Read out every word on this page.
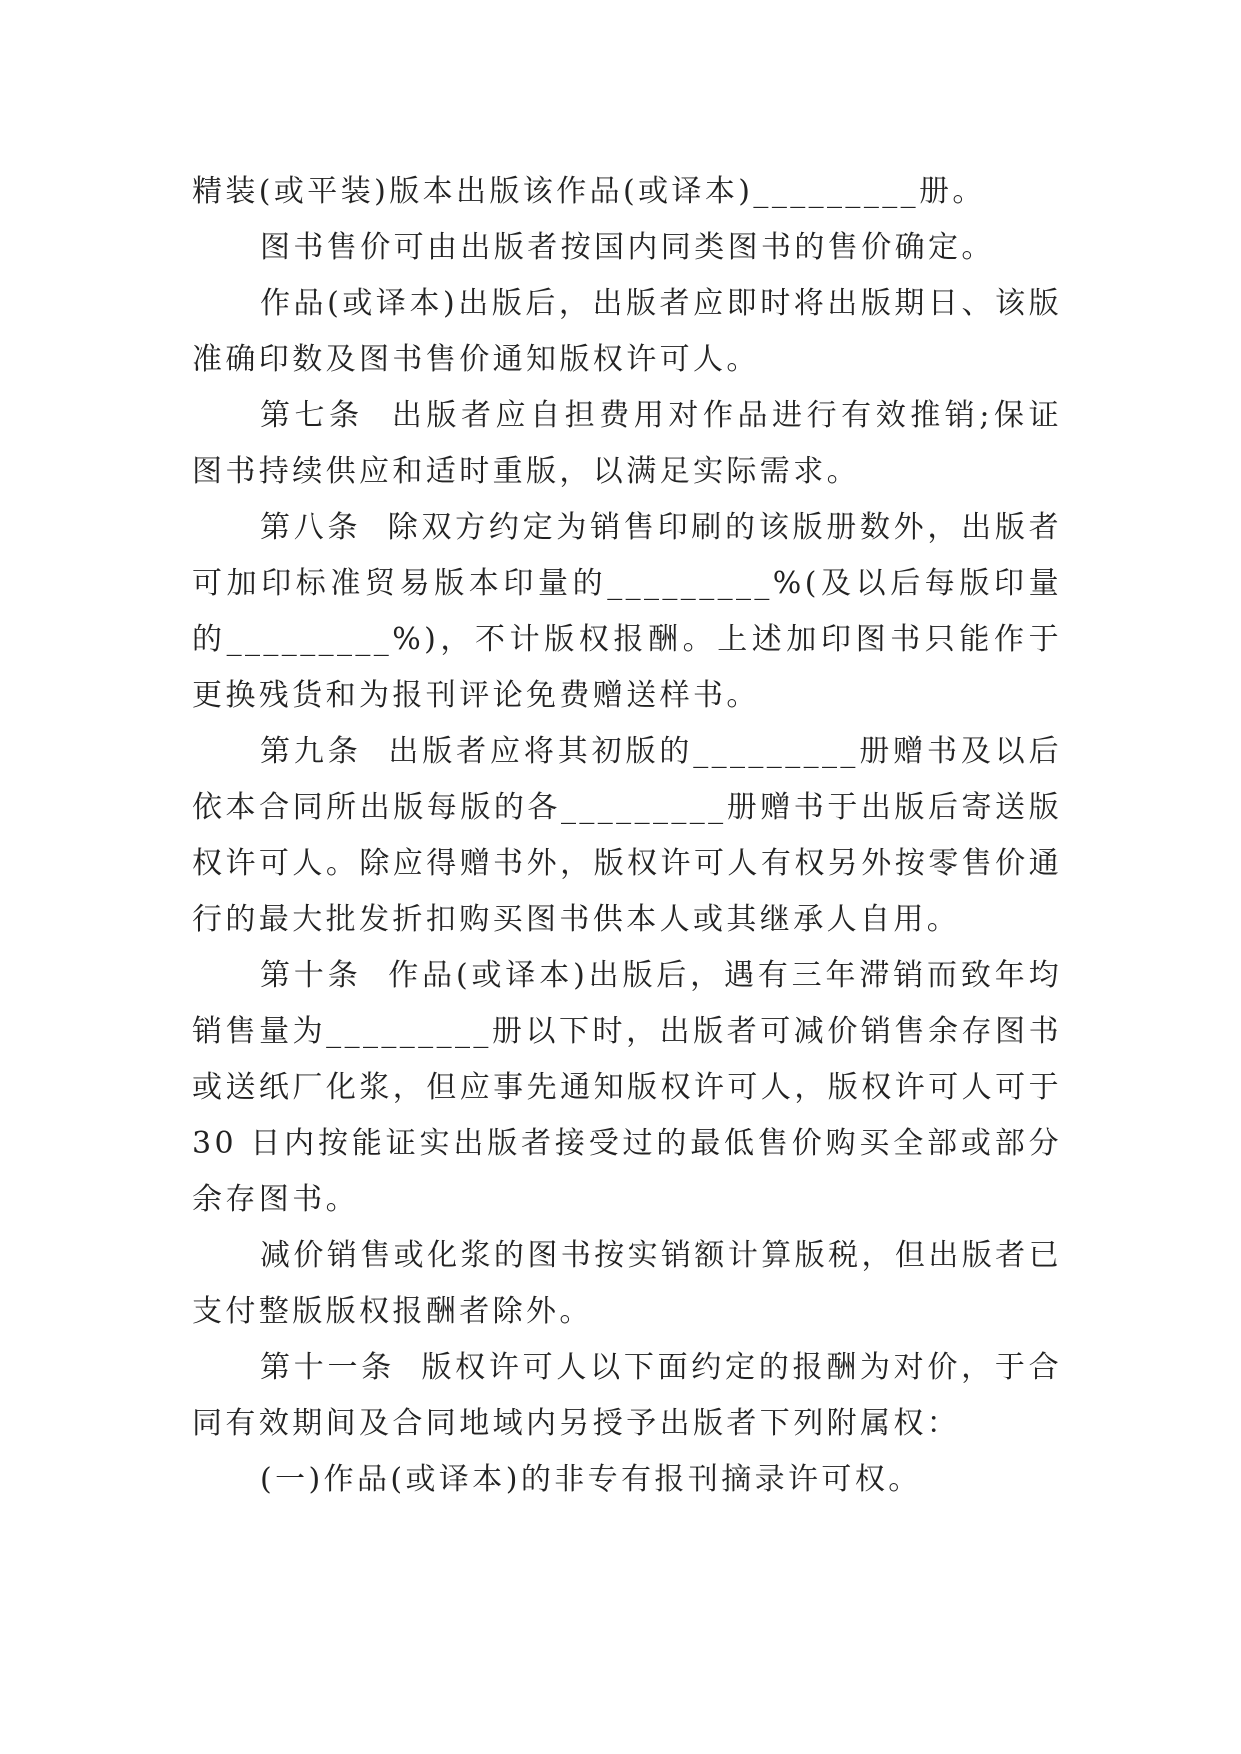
精装(或平装)版本出版该作品(或译本)_________册。

图书售价可由出版者按国内同类图书的售价确定。

作品(或译本)出版后，出版者应即时将出版期日、该版准确印数及图书售价通知版权许可人。

第七条  出版者应自担费用对作品进行有效推销;保证图书持续供应和适时重版，以满足实际需求。

第八条  除双方约定为销售印刷的该版册数外，出版者可加印标准贸易版本印量的_________%(及以后每版印量的_________%)，不计版权报酬。上述加印图书只能作于更换残货和为报刊评论免费赠送样书。

第九条  出版者应将其初版的_________册赠书及以后依本合同所出版每版的各_________册赠书于出版后寄送版权许可人。除应得赠书外，版权许可人有权另外按零售价通行的最大批发折扣购买图书供本人或其继承人自用。

第十条  作品(或译本)出版后，遇有三年滞销而致年均销售量为_________册以下时，出版者可减价销售余存图书或送纸厂化浆，但应事先通知版权许可人，版权许可人可于30 日内按能证实出版者接受过的最低售价购买全部或部分余存图书。

减价销售或化浆的图书按实销额计算版税，但出版者已支付整版版权报酬者除外。

第十一条  版权许可人以下面约定的报酬为对价，于合同有效期间及合同地域内另授予出版者下列附属权：

(一)作品(或译本)的非专有报刊摘录许可权。
